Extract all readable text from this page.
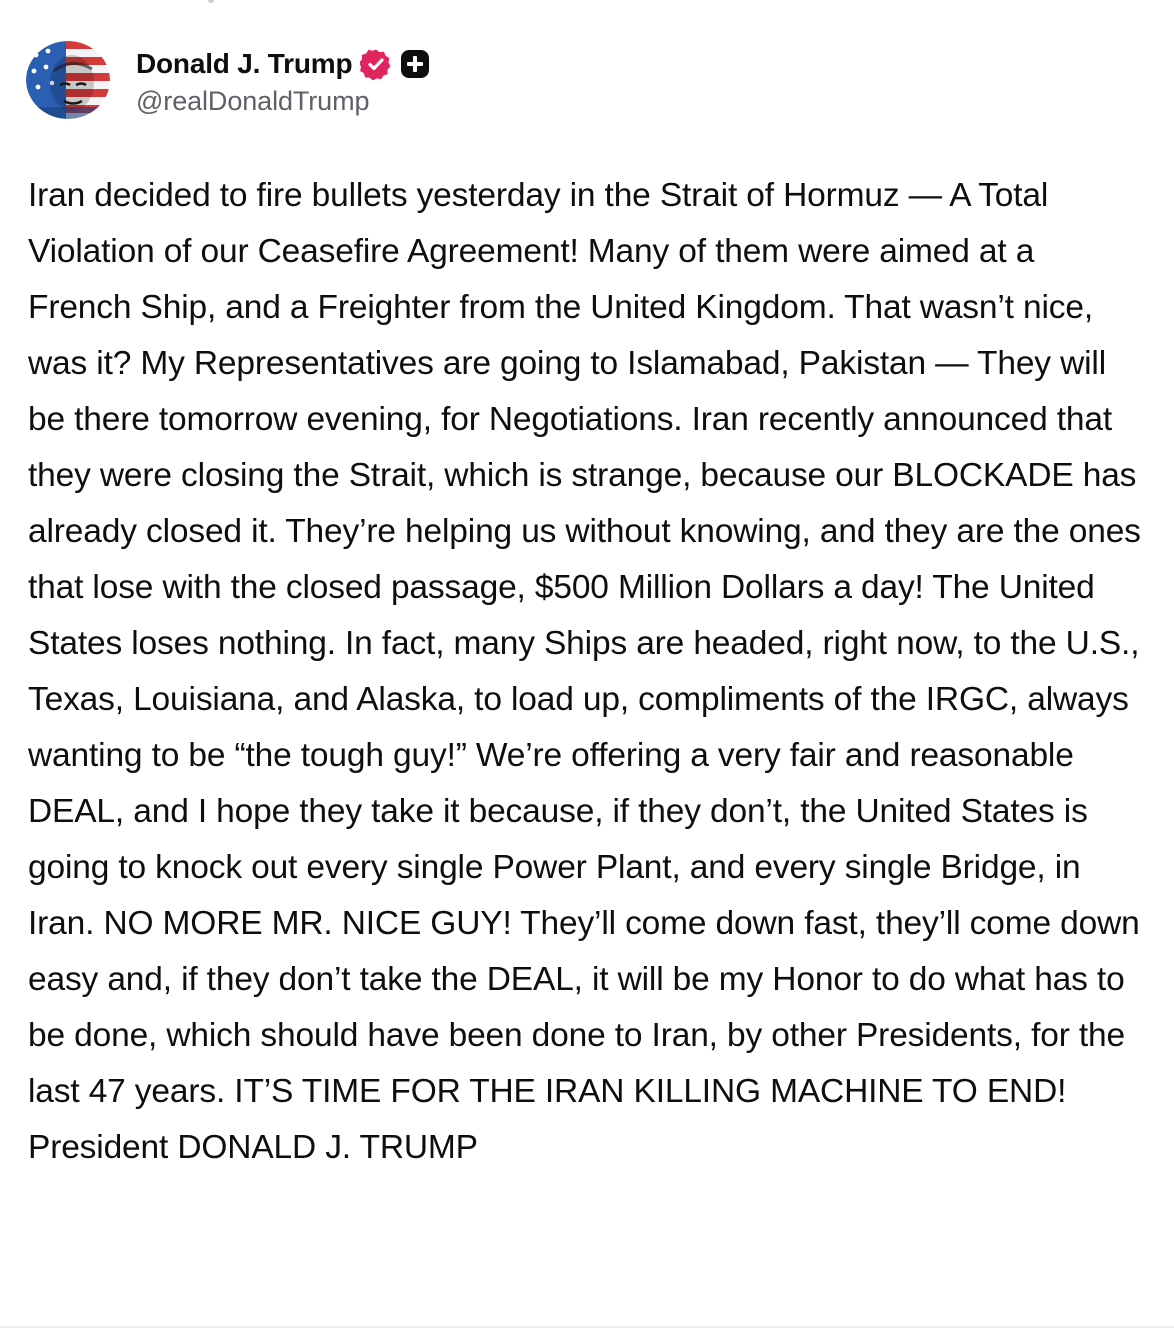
Donald J. Trump
@realDonaldTrump

Iran decided to fire bullets yesterday in the Strait of Hormuz — A Total Violation of our Ceasefire Agreement! Many of them were aimed at a French Ship, and a Freighter from the United Kingdom. That wasn’t nice, was it? My Representatives are going to Islamabad, Pakistan — They will be there tomorrow evening, for Negotiations. Iran recently announced that they were closing the Strait, which is strange, because our BLOCKADE has already closed it. They’re helping us without knowing, and they are the ones that lose with the closed passage, $500 Million Dollars a day! The United States loses nothing. In fact, many Ships are headed, right now, to the U.S., Texas, Louisiana, and Alaska, to load up, compliments of the IRGC, always wanting to be “the tough guy!” We’re offering a very fair and reasonable DEAL, and I hope they take it because, if they don’t, the United States is going to knock out every single Power Plant, and every single Bridge, in Iran. NO MORE MR. NICE GUY! They’ll come down fast, they’ll come down easy and, if they don’t take the DEAL, it will be my Honor to do what has to be done, which should have been done to Iran, by other Presidents, for the last 47 years. IT’S TIME FOR THE IRAN KILLING MACHINE TO END! President DONALD J. TRUMP
